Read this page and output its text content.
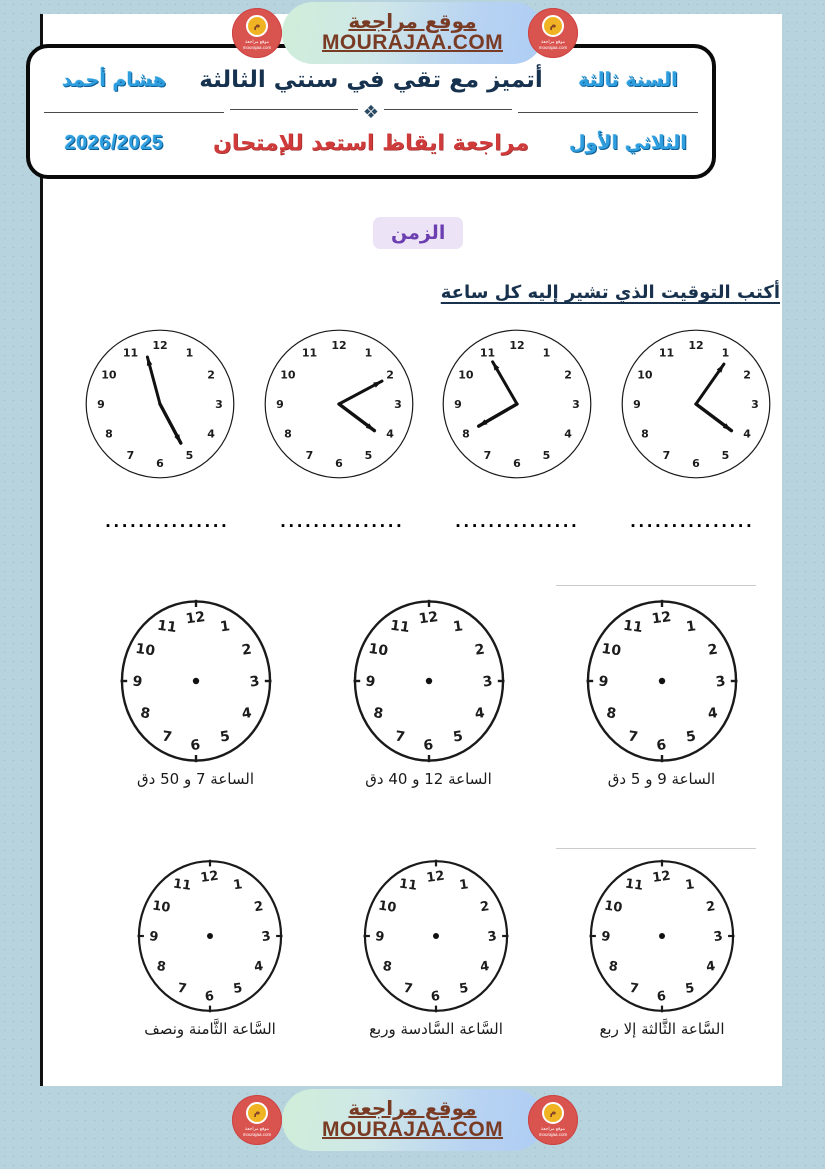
م
موقع مراجعة mourajaa.com
موقع مراجعة
MOURAJAA.COM
م
موقع مراجعة mourajaa.com
السنة ثالثة
أتميز مع تقي في سنتي الثالثة
هشام أحمد
الثلاثي الأول
مراجعة ايقاظ استعد للإمتحان
2026/2025
❖
الزمن
أكتب التوقيت الذي تشير إليه كل ساعة
12
1
2
3
4
5
6
7
8
9
10
11
12
1
2
3
4
5
6
7
8
9
10
11
12
1
2
3
4
5
6
7
8
9
10
11
12
1
2
3
4
5
6
7
8
9
10
11
...............
...............
...............
...............
12 1
2
3
4
5
6
7
8
9
10
11
الساعة 9 و 5 دق
12 1
2
3
4
5
6
7
8
9
10
11
الساعة 12 و 40 دق
12 1
2
3
4
5
6
7
8
9
10
11
الساعة 7 و 50 دق
12 1
2
3
4
5
6
7
8
9
10
11
السَّاعة الثَّالثة إلا ربع
12 1
2
3
4
5
6
7
8
9
10
11
السَّاعة السَّادسة وربع
12 1
2
3
4
5
6
7
8
9
10
11
السَّاعة الثَّامنة ونصف
م
موقع مراجعة mourajaa.com
موقع مراجعة
MOURAJAA.COM
م
موقع مراجعة mourajaa.com
